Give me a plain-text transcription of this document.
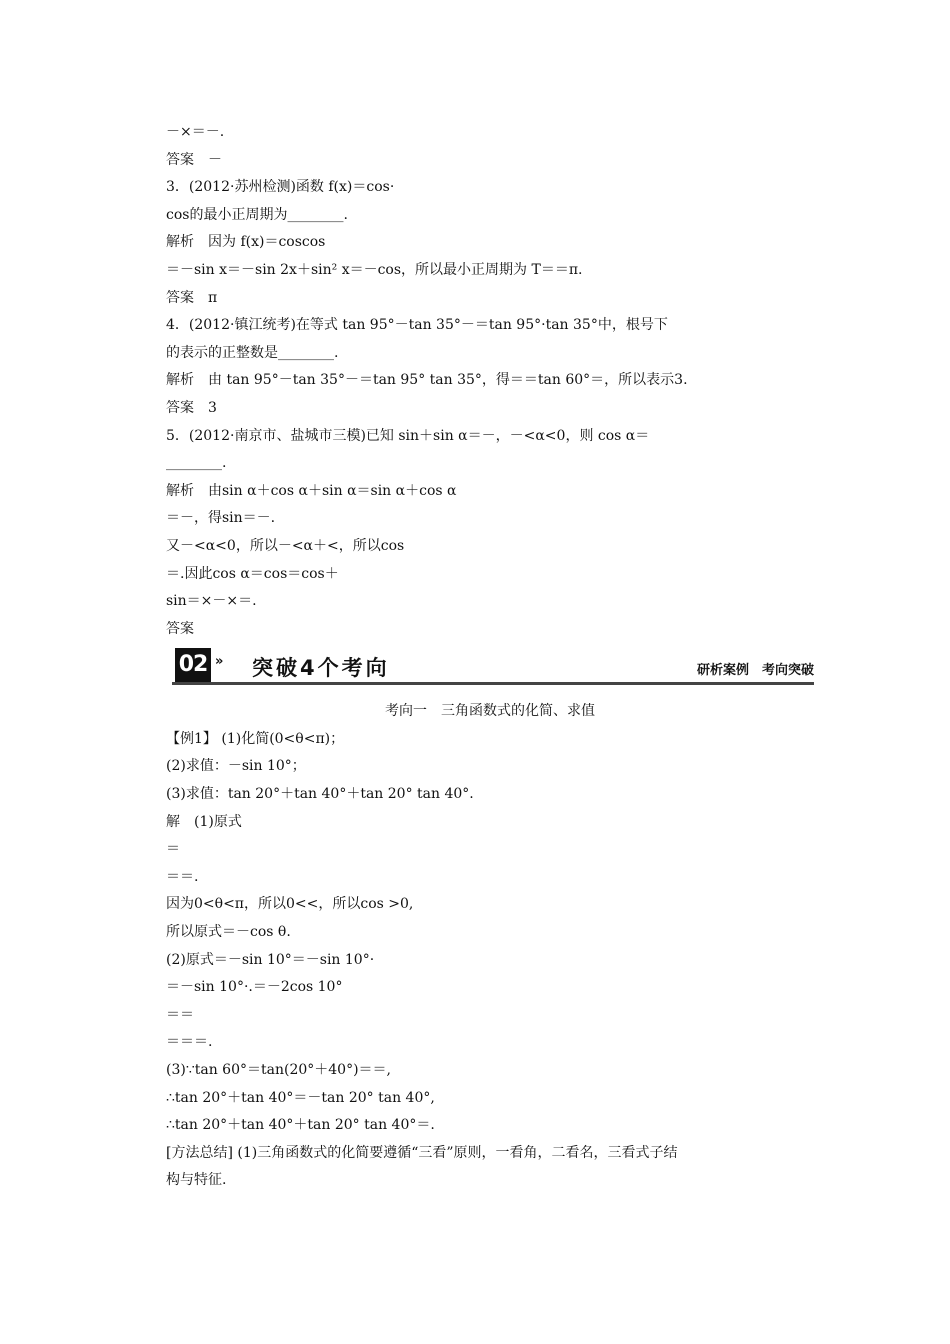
－×＝－.
答案　－
3．(2012·苏州检测)函数 f(x)＝cos·
cos的最小正周期为________.
解析　因为 f(x)＝coscos
＝－sin x＝－sin 2x＋sin² x＝－cos，所以最小正周期为 T＝＝π.
答案　π
4．(2012·镇江统考)在等式 tan 95°－tan 35°－＝tan 95°·tan 35°中，根号下
的表示的正整数是________.
解析　由 tan 95°－tan 35°－＝tan 95° tan 35°，得＝＝tan 60°＝，所以表示3.
答案　3
5．(2012·南京市、盐城市三模)已知 sin＋sin α＝－，－<α<0，则 cos α＝
________.
解析　由sin α＋cos α＋sin α＝sin α＋cos α
＝－，得sin＝－.
又－<α<0，所以－<α＋<，所以cos
＝.因此cos α＝cos＝cos＋
sin＝×－×＝.
答案
02 » 突破4个考向	研析案例　考向突破
考向一　三角函数式的化简、求值
【例1】 (1)化简(0<θ<π)；
(2)求值：－sin 10°；
(3)求值：tan 20°＋tan 40°＋tan 20° tan 40°.
解　(1)原式
＝
＝＝.
因为0<θ<π，所以0<<，所以cos >0,
所以原式＝－cos θ.
(2)原式＝－sin 10°＝－sin 10°·
＝－sin 10°·.＝－2cos 10°
＝＝
＝＝＝.
(3)∵tan 60°＝tan(20°＋40°)＝＝,
∴tan 20°＋tan 40°＝－tan 20° tan 40°,
∴tan 20°＋tan 40°＋tan 20° tan 40°＝.
[方法总结] (1)三角函数式的化简要遵循“三看”原则，一看角，二看名，三看式子结
构与特征.
